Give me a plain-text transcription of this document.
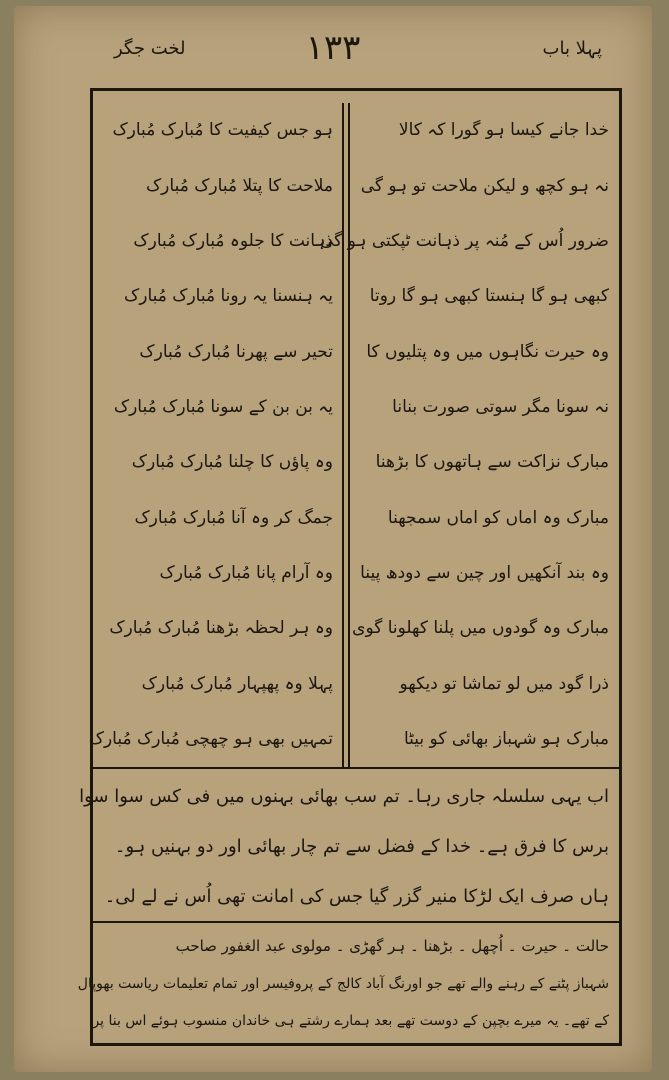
پہلا باب
۱۳۳
لخت جگر
خدا جانے کیسا ہو گورا کہ کالا
نہ ہو کچھ و لیکن ملاحت تو ہو گی
ضرور اُس کے مُنہ پر ذہانت ٹپکتی ہو گی
کبھی ہو گا ہنستا کبھی ہو گا روتا
وہ حیرت نگاہوں میں وہ پتلیوں کا
نہ سونا مگر سوتی صورت بنانا
مبارک نزاکت سے ہاتھوں کا بڑھنا
مبارک وہ اماں کو اماں سمجھنا
وہ بند آنکھیں اور چین سے دودھ پینا
مبارک وہ گودوں میں پلنا کھلونا گوی
ذرا گود میں لو تماشا تو دیکھو
مبارک ہو شہباز بھائی کو بیٹا
ہو جس کیفیت کا مُبارک مُبارک
ملاحت کا پتلا مُبارک مُبارک
ذہانت کا جلوہ مُبارک مُبارک
یہ ہنسنا یہ رونا مُبارک مُبارک
تحیر سے پھرنا مُبارک مُبارک
یہ بن بن کے سونا مُبارک مُبارک
وہ پاؤں کا چلنا مُبارک مُبارک
جمگ کر وہ آنا مُبارک مُبارک
وہ آرام پانا مُبارک مُبارک
وہ ہر لحظہ بڑھنا مُبارک مُبارک
پہلا وہ پھپہار مُبارک مُبارک
تمہیں بھی ہو چھچی مُبارک مُبارک
اب یہی سلسلہ جاری رہا۔ تم سب بھائی بہنوں میں فی کس سوا سوا
برس کا فرق ہے۔ خدا کے فضل سے تم چار بھائی اور دو بہنیں ہو۔
ہاں صرف ایک لڑکا منیر گزر گیا جس کی امانت تھی اُس نے لے لی۔
حالت ۔ حیرت ۔ اُچھل ۔ بڑھنا ۔ ہر گھڑی ۔ مولوی عبد الغفور صاحب
شہباز پٹنے کے رہنے والے تھے جو اورنگ آباد کالج کے پروفیسر اور تمام تعلیمات ریاست بھوپال
کے تھے۔ یہ میرے بچپن کے دوست تھے بعد ہمارے رشتے ہی خاندان منسوب ہوئے اس بنا پر
